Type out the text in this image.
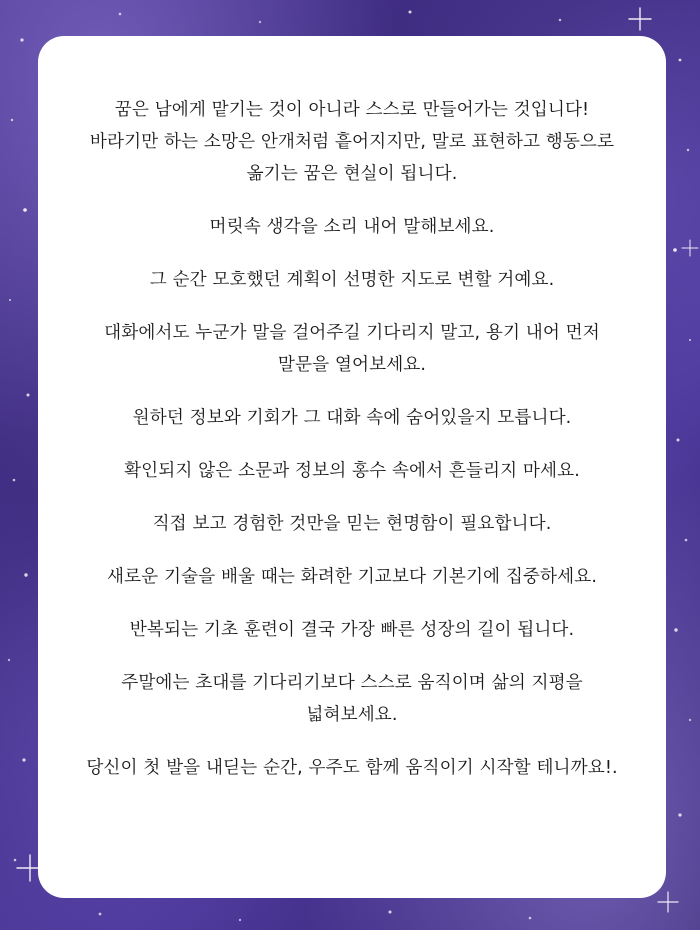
꿈은 남에게 맡기는 것이 아니라 스스로 만들어가는 것입니다!
바라기만 하는 소망은 안개처럼 흩어지지만, 말로 표현하고 행동으로
옮기는 꿈은 현실이 됩니다.

머릿속 생각을 소리 내어 말해보세요.

그 순간 모호했던 계획이 선명한 지도로 변할 거예요.

대화에서도 누군가 말을 걸어주길 기다리지 말고, 용기 내어 먼저
말문을 열어보세요.

원하던 정보와 기회가 그 대화 속에 숨어있을지 모릅니다.

확인되지 않은 소문과 정보의 홍수 속에서 흔들리지 마세요.

직접 보고 경험한 것만을 믿는 현명함이 필요합니다.

새로운 기술을 배울 때는 화려한 기교보다 기본기에 집중하세요.

반복되는 기초 훈련이 결국 가장 빠른 성장의 길이 됩니다.

주말에는 초대를 기다리기보다 스스로 움직이며 삶의 지평을
넓혀보세요.

당신이 첫 발을 내딛는 순간, 우주도 함께 움직이기 시작할 테니까요!.
